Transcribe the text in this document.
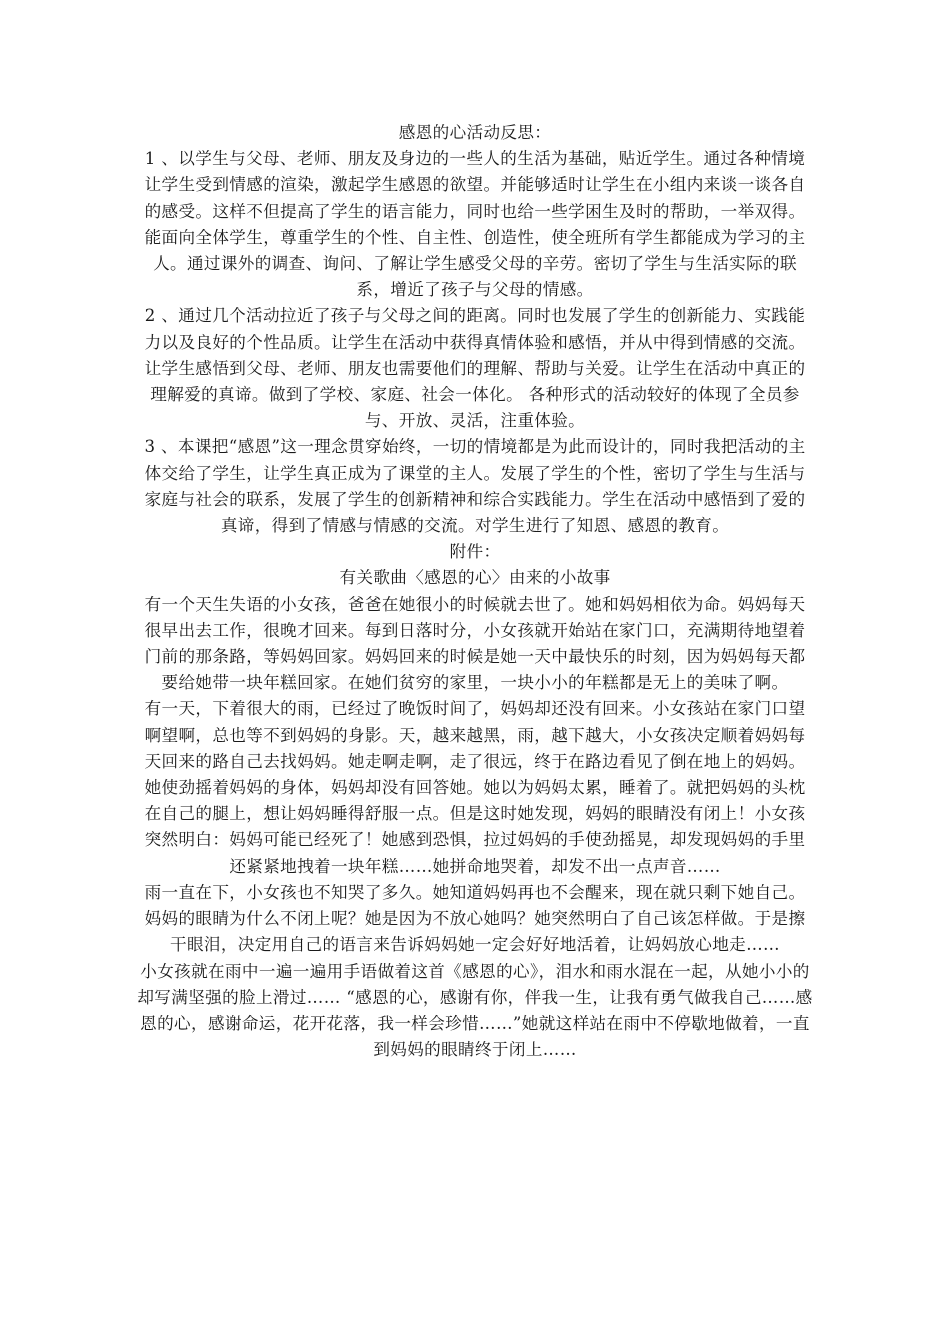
感恩的心活动反思：

1 、以学生与父母、老师、朋友及身边的一些人的生活为基础，贴近学生。通过各种情境让学生受到情感的渲染，激起学生感恩的欲望。并能够适时让学生在小组内来谈一谈各自的感受。这样不但提高了学生的语言能力，同时也给一些学困生及时的帮助，一举双得。 能面向全体学生，尊重学生的个性、自主性、创造性，使全班所有学生都能成为学习的主人。通过课外的调查、询问、了解让学生感受父母的辛劳。密切了学生与生活实际的联系，增近了孩子与父母的情感。

2 、通过几个活动拉近了孩子与父母之间的距离。同时也发展了学生的创新能力、实践能力以及良好的个性品质。让学生在活动中获得真情体验和感悟，并从中得到情感的交流。让学生感悟到父母、老师、朋友也需要他们的理解、帮助与关爱。让学生在活动中真正的理解爱的真谛。做到了学校、家庭、社会一体化。 各种形式的活动较好的体现了全员参与、开放、灵活，注重体验。

3 、本课把“感恩”这一理念贯穿始终，一切的情境都是为此而设计的，同时我把活动的主体交给了学生，让学生真正成为了课堂的主人。发展了学生的个性，密切了学生与生活与家庭与社会的联系，发展了学生的创新精神和综合实践能力。学生在活动中感悟到了爱的真谛，得到了情感与情感的交流。对学生进行了知恩、感恩的教育。

附件：

有关歌曲〈感恩的心〉由来的小故事

有一个天生失语的小女孩，爸爸在她很小的时候就去世了。她和妈妈相依为命。妈妈每天很早出去工作，很晚才回来。每到日落时分，小女孩就开始站在家门口，充满期待地望着门前的那条路，等妈妈回家。妈妈回来的时候是她一天中最快乐的时刻，因为妈妈每天都要给她带一块年糕回家。在她们贫穷的家里，一块小小的年糕都是无上的美味了啊。

有一天，下着很大的雨，已经过了晚饭时间了，妈妈却还没有回来。小女孩站在家门口望啊望啊，总也等不到妈妈的身影。天，越来越黑，雨，越下越大，小女孩决定顺着妈妈每天回来的路自己去找妈妈。她走啊走啊，走了很远，终于在路边看见了倒在地上的妈妈。她使劲摇着妈妈的身体，妈妈却没有回答她。她以为妈妈太累，睡着了。就把妈妈的头枕在自己的腿上，想让妈妈睡得舒服一点。但是这时她发现，妈妈的眼睛没有闭上！小女孩突然明白：妈妈可能已经死了！她感到恐惧，拉过妈妈的手使劲摇晃，却发现妈妈的手里还紧紧地拽着一块年糕……她拼命地哭着，却发不出一点声音……

雨一直在下，小女孩也不知哭了多久。她知道妈妈再也不会醒来，现在就只剩下她自己。妈妈的眼睛为什么不闭上呢？她是因为不放心她吗？她突然明白了自己该怎样做。于是擦干眼泪，决定用自己的语言来告诉妈妈她一定会好好地活着，让妈妈放心地走……

小女孩就在雨中一遍一遍用手语做着这首《感恩的心》，泪水和雨水混在一起，从她小小的却写满坚强的脸上滑过…… “感恩的心，感谢有你，伴我一生，让我有勇气做我自己……感恩的心，感谢命运，花开花落，我一样会珍惜……”她就这样站在雨中不停歇地做着，一直到妈妈的眼睛终于闭上……
